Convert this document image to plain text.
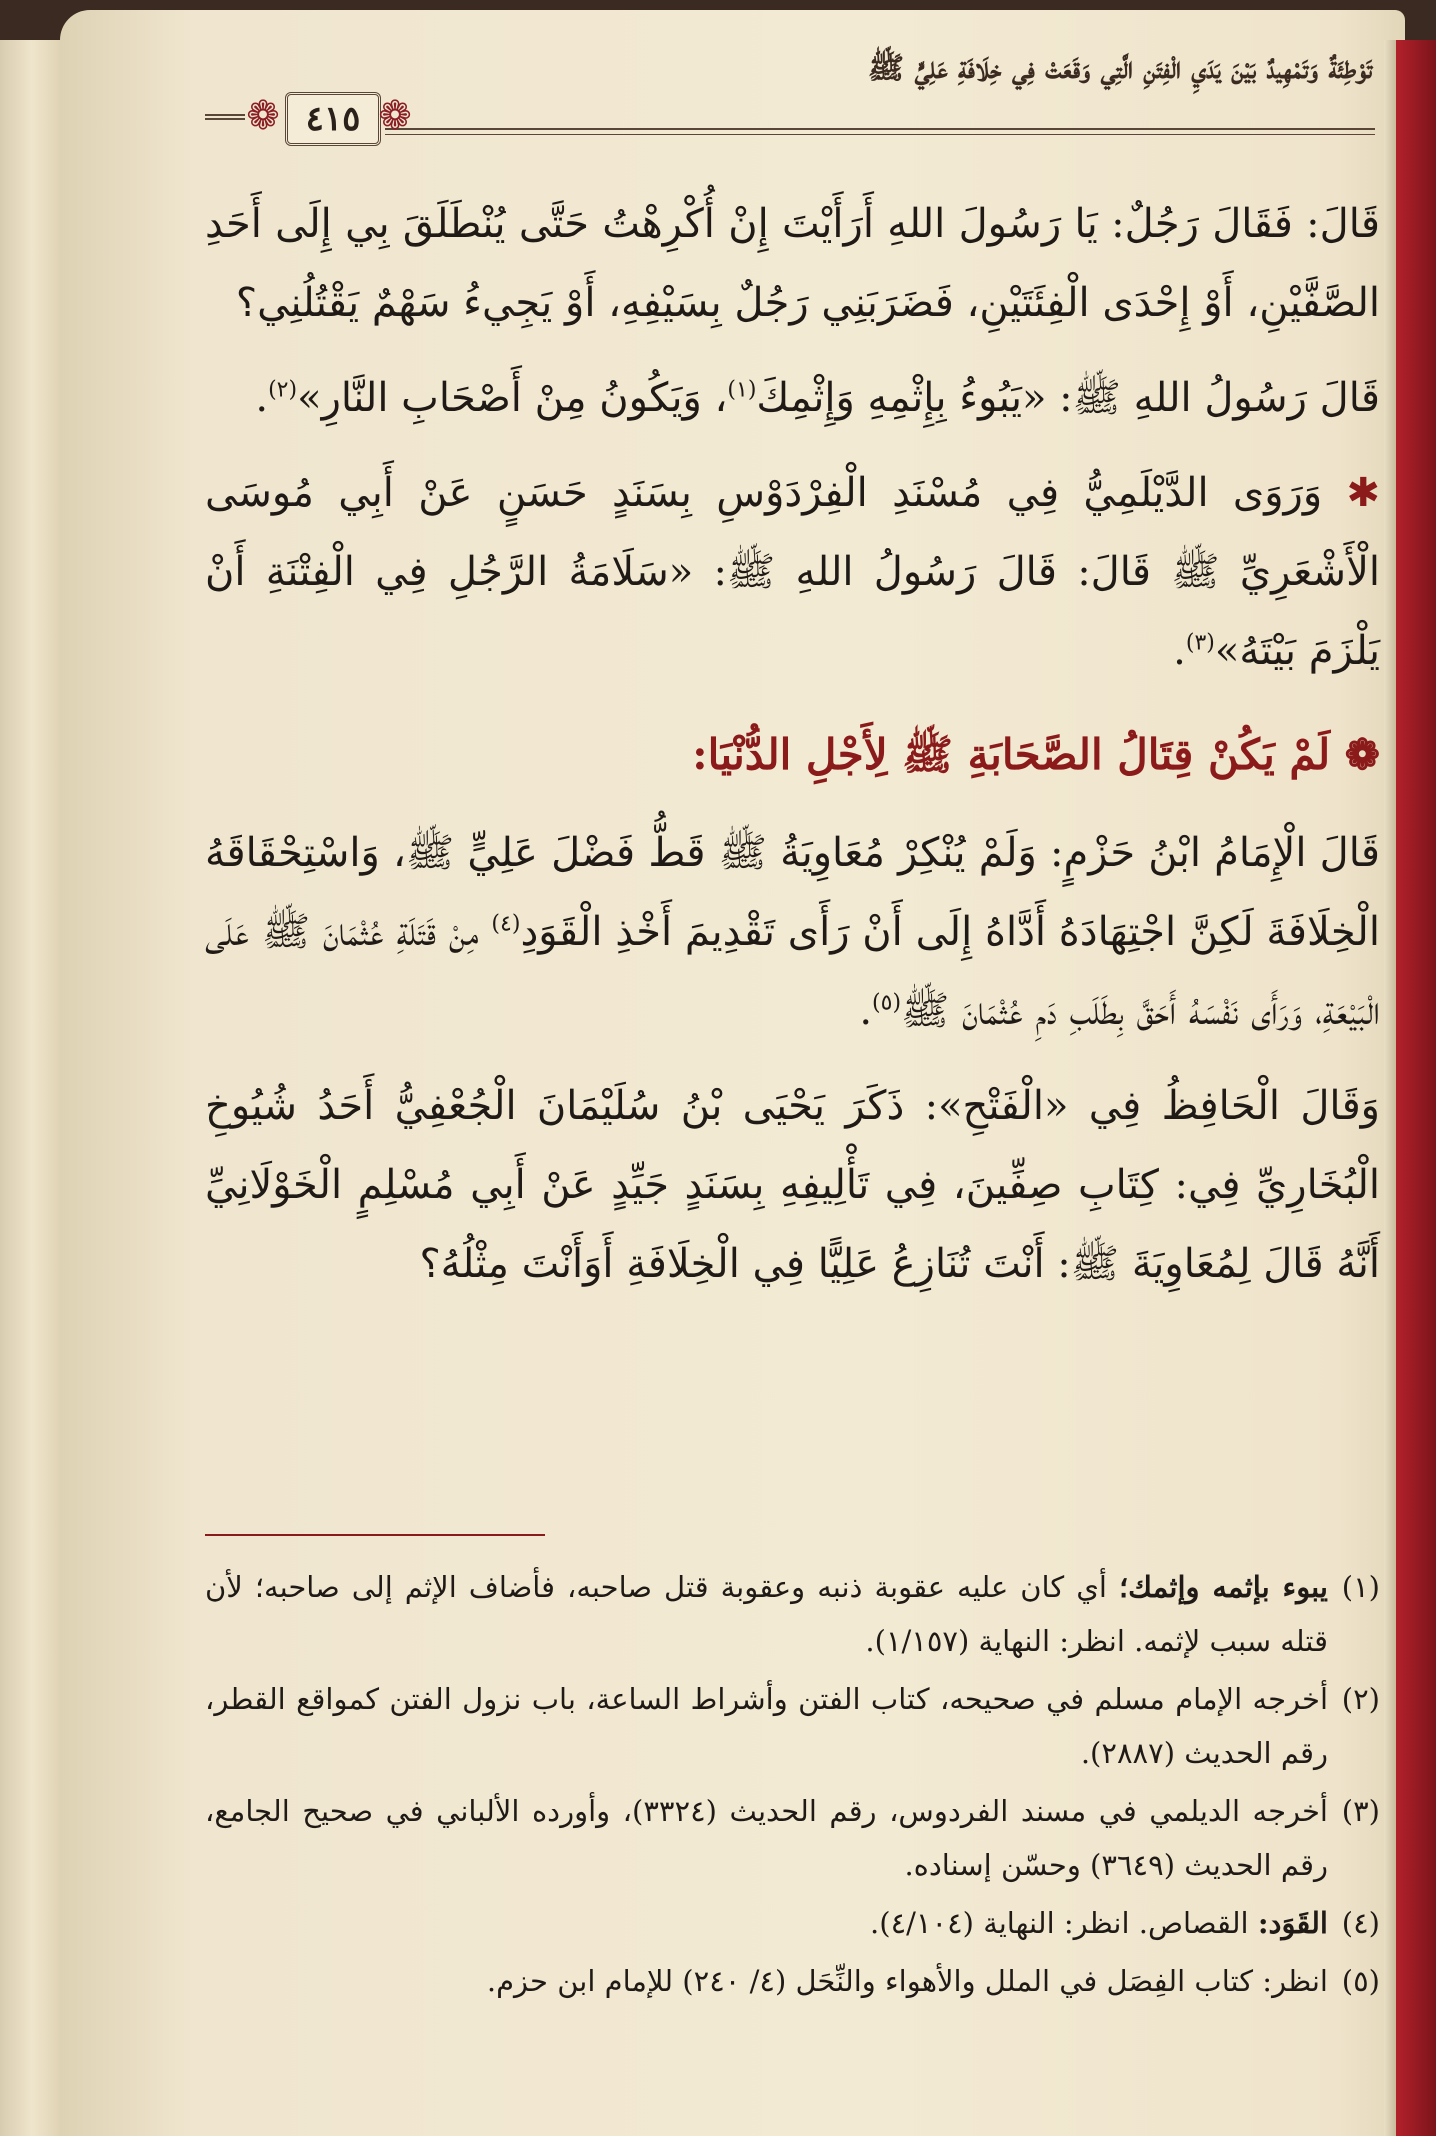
تَوْطِئَةٌ وَتَمْهِيدٌ بَيْنَ يَدَيِ الْفِتَنِ الَّتِي وَقَعَتْ فِي خِلَافَةِ عَلِيٍّ ﷺ
❁ ٤١٥ ❁

قَالَ: فَقَالَ رَجُلٌ: يَا رَسُولَ اللهِ أَرَأَيْتَ إِنْ أُكْرِهْتُ حَتَّى يُنْطَلَقَ بِي إِلَى أَحَدِ الصَّفَّيْنِ، أَوْ إِحْدَى الْفِئَتَيْنِ، فَضَرَبَنِي رَجُلٌ بِسَيْفِهِ، أَوْ يَجِيءُ سَهْمٌ يَقْتُلُنِي؟

قَالَ رَسُولُ اللهِ ﷺ: «يَبُوءُ بِإِثْمِهِ وَإِثْمِكَ$^{(١)}$، وَيَكُونُ مِنْ أَصْحَابِ النَّارِ»$^{(٢)}$.

✱ وَرَوَى الدَّيْلَمِيُّ فِي مُسْنَدِ الْفِرْدَوْسِ بِسَنَدٍ حَسَنٍ عَنْ أَبِي مُوسَى الْأَشْعَرِيِّ ﷺ قَالَ: قَالَ رَسُولُ اللهِ ﷺ: «سَلَامَةُ الرَّجُلِ فِي الْفِتْنَةِ أَنْ يَلْزَمَ بَيْتَهُ»$^{(٣)}$.

❁ لَمْ يَكُنْ قِتَالُ الصَّحَابَةِ ﷺ لِأَجْلِ الدُّنْيَا:

قَالَ الْإِمَامُ ابْنُ حَزْمٍ: وَلَمْ يُنْكِرْ مُعَاوِيَةُ ﷺ قَطُّ فَضْلَ عَلِيٍّ ﷺ، وَاسْتِحْقَاقَهُ الْخِلَافَةَ لَكِنَّ اجْتِهَادَهُ أَدَّاهُ إِلَى أَنْ رَأَى تَقْدِيمَ أَخْذِ الْقَوَدِ$^{(٤)}$ مِنْ قَتَلَةِ عُثْمَانَ ﷺ عَلَى الْبَيْعَةِ، وَرَأَى نَفْسَهُ أَحَقَّ بِطَلَبِ دَمِ عُثْمَانَ ﷺ$^{(٥)}$.

وَقَالَ الْحَافِظُ فِي «الْفَتْحِ»: ذَكَرَ يَحْيَى بْنُ سُلَيْمَانَ الْجُعْفِيُّ أَحَدُ شُيُوخِ الْبُخَارِيِّ فِي: كِتَابِ صِفِّينَ، فِي تَأْلِيفِهِ بِسَنَدٍ جَيِّدٍ عَنْ أَبِي مُسْلِمٍ الْخَوْلَانِيِّ أَنَّهُ قَالَ لِمُعَاوِيَةَ ﷺ: أَنْتَ تُنَازِعُ عَلِيًّا فِي الْخِلَافَةِ أَوَأَنْتَ مِثْلُهُ؟

(١)
يبوء بإثمه وإثمك؛ أي كان عليه عقوبة ذنبه وعقوبة قتل صاحبه، فأضاف الإثم إلى صاحبه؛ لأن قتله سبب لإثمه. انظر: النهاية (١/١٥٧).
(٢)
أخرجه الإمام مسلم في صحيحه، كتاب الفتن وأشراط الساعة، باب نزول الفتن كمواقع القطر، رقم الحديث (٢٨٨٧).
(٣)
أخرجه الديلمي في مسند الفردوس، رقم الحديث (٣٣٢٤)، وأورده الألباني في صحيح الجامع، رقم الحديث (٣٦٤٩) وحسّن إسناده.
(٤)
القَوَد: القصاص. انظر: النهاية (٤/١٠٤).
(٥)
انظر: كتاب الفِصَل في الملل والأهواء والنِّحَل (٤/ ٢٤٠) للإمام ابن حزم.
